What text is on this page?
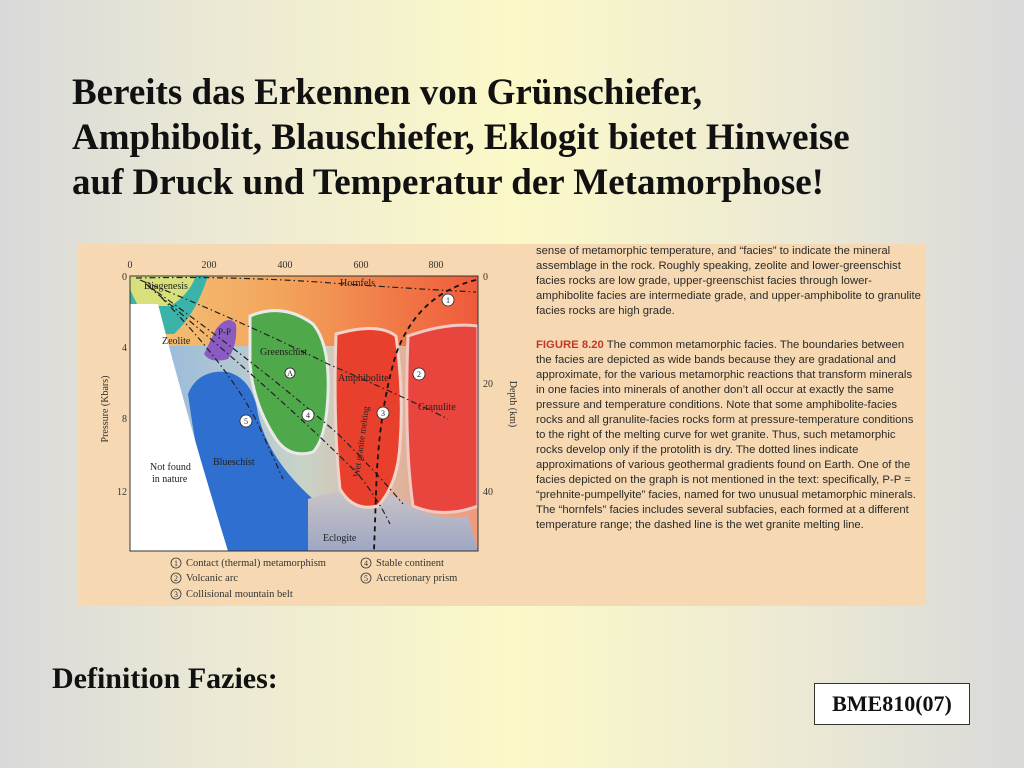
Bereits das Erkennen von Grünschiefer,
Amphibolit, Blauschiefer, Eklogit bietet Hinweise
auf Druck und Temperatur der Metamorphose!
0	200	400	600	800
0
4
8
12
0
20
40
Pressure (Kbars)	Depth (km)
Diagenesis	Hornfels
Zeolite
P-P
Greenschist
Amphibolite
Granulite
Blueschist
Eclogite
Not found
in nature
Wet granite melting
A
1
2
3
4
5
1
2
3
4
5
Contact (thermal) metamorphism
Volcanic arc
Collisional mountain belt
Stable continent
Accretionary prism

sense of metamorphic temperature, and “facies” to indicate the mineral assemblage in the rock. Roughly speaking, zeolite and lower-greenschist facies rocks are low grade, upper-greenschist facies through lower-amphibolite facies are intermediate grade, and upper-amphibolite to granulite facies rocks are high grade.

FIGURE 8.20 The common metamorphic facies. The boundaries between the facies are depicted as wide bands because they are gradational and approximate, for the various metamorphic reactions that transform minerals in one facies into minerals of another don’t all occur at exactly the same pressure and temperature conditions. Note that some amphibolite-facies rocks and all granulite-facies rocks form at pressure-temperature conditions to the right of the melting curve for wet granite. Thus, such metamorphic rocks develop only if the protolith is dry. The dotted lines indicate approximations of various geothermal gradients found on Earth. One of the facies depicted on the graph is not mentioned in the text: specifically, P-P = “prehnite-pumpellyite” facies, named for two unusual metamorphic minerals. The “hornfels” facies includes several subfacies, each formed at a different temperature range; the dashed line is the wet granite melting line.

Definition Fazies:
BME810(07)
